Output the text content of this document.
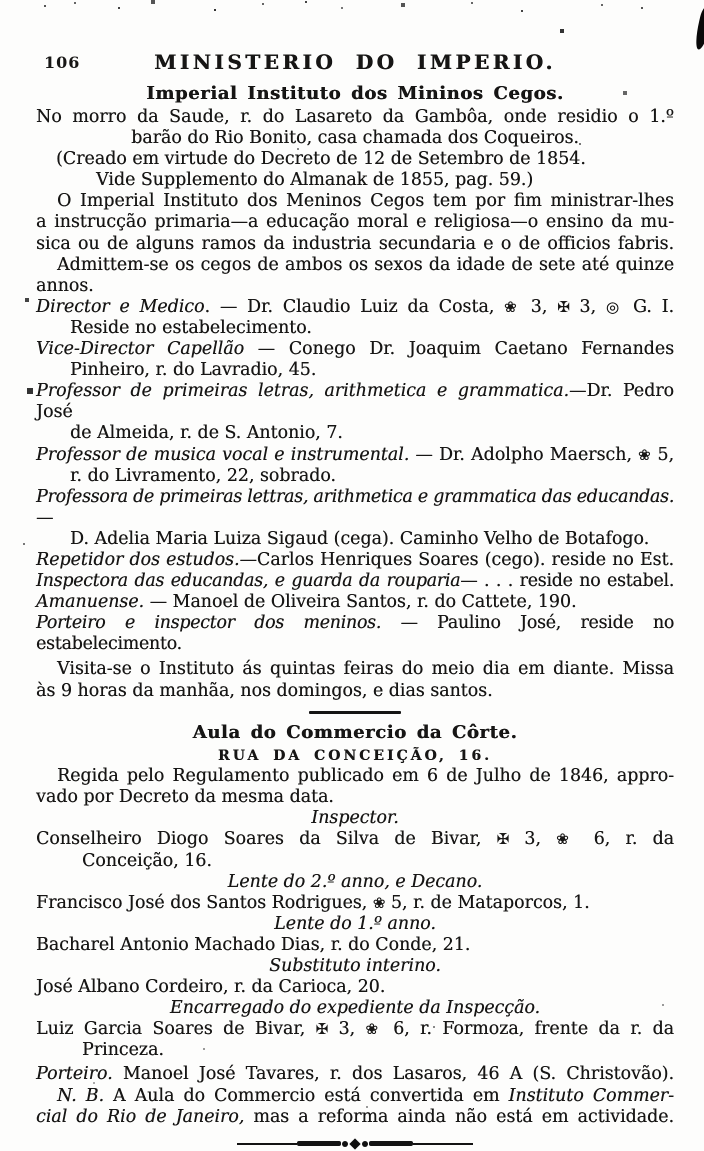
106	MINISTERIO DO IMPERIO.
Imperial Instituto dos Mininos Cegos.
No morro da Saude, r. do Lasareto da Gambôa, onde residio o 1.º
barão do Rio Bonito, casa chamada dos Coqueiros.
(Creado em virtude do Decreto de 12 de Setembro de 1854.
Vide Supplemento do Almanak de 1855, pag. 59.)
O Imperial Instituto dos Meninos Cegos tem por fim ministrar-lhes
a instrucção primaria—a educação moral e religiosa—o ensino da mu-
sica ou de alguns ramos da industria secundaria e o de officios fabris.
Admittem-se os cegos de ambos os sexos da idade de sete até quinze
annos.
Director e Medico. — Dr. Claudio Luiz da Costa, ❀ 3, ✠ 3, ◎ G. I.
Reside no estabelecimento.
Vice-Director Capellão — Conego Dr. Joaquim Caetano Fernandes
Pinheiro, r. do Lavradio, 45.
Professor de primeiras letras, arithmetica e grammatica.—Dr. Pedro José
de Almeida, r. de S. Antonio, 7.
Professor de musica vocal e instrumental. — Dr. Adolpho Maersch, ❀ 5,
r. do Livramento, 22, sobrado.
Professora de primeiras lettras, arithmetica e grammatica das educandas. —
D. Adelia Maria Luiza Sigaud (cega). Caminho Velho de Botafogo.
Repetidor dos estudos.—Carlos Henriques Soares (cego). reside no Est.
Inspectora das educandas, e guarda da rouparia— . . . reside no estabel.
Amanuense. — Manoel de Oliveira Santos, r. do Cattete, 190.
Porteiro e inspector dos meninos. — Paulino José, reside no estabelecimento.
Visita-se o Instituto ás quintas feiras do meio dia em diante. Missa
às 9 horas da manhãa, nos domingos, e dias santos.
Aula do Commercio da Côrte.
RUA DA CONCEIÇÃO, 16.
Regida pelo Regulamento publicado em 6 de Julho de 1846, appro-
vado por Decreto da mesma data.
Inspector.
Conselheiro Diogo Soares da Silva de Bivar, ✠ 3, ❀ 6, r. da
Conceição, 16.
Lente do 2.º anno, e Decano.
Francisco José dos Santos Rodrigues, ❀ 5, r. de Mataporcos, 1.
Lente do 1.º anno.
Bacharel Antonio Machado Dias, r. do Conde, 21.
Substituto interino.
José Albano Cordeiro, r. da Carioca, 20.
Encarregado do expediente da Inspecção.
Luiz Garcia Soares de Bivar, ✠ 3, ❀ 6, r. Formoza, frente da r. da
Princeza.
Porteiro. Manoel José Tavares, r. dos Lasaros, 46 A (S. Christovão).
N. B. A Aula do Commercio está convertida em Instituto Commer-
cial do Rio de Janeiro, mas a reforma ainda não está em actividade.
